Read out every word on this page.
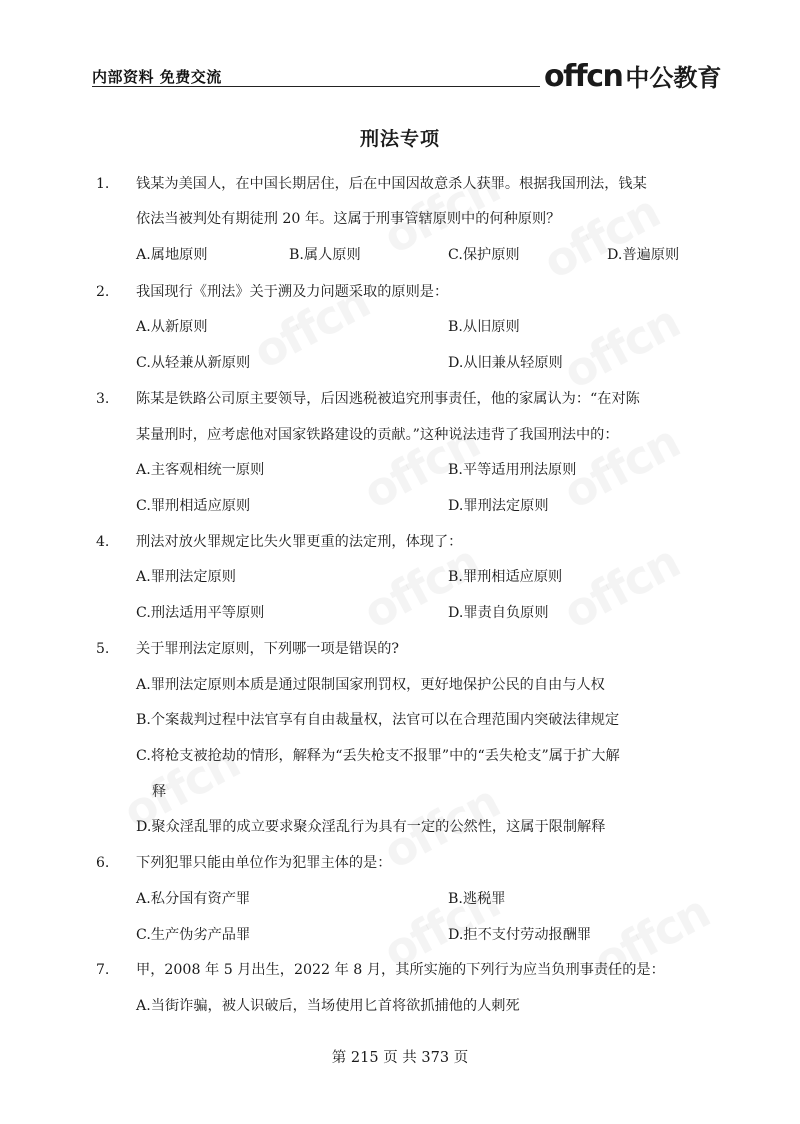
内部资料 免费交流	offcn 中公教育
刑法专项
1. 钱某为美国人，在中国长期居住，后在中国因故意杀人获罪。根据我国刑法，钱某
依法当被判处有期徒刑 20 年。这属于刑事管辖原则中的何种原则？
A.属地原则	B.属人原则	C.保护原则	D.普遍原则
2. 我国现行《刑法》关于溯及力问题采取的原则是：
A.从新原则	B.从旧原则
C.从轻兼从新原则	D.从旧兼从轻原则
3. 陈某是铁路公司原主要领导，后因逃税被追究刑事责任，他的家属认为：“在对陈
某量刑时，应考虑他对国家铁路建设的贡献。”这种说法违背了我国刑法中的：
A.主客观相统一原则	B.平等适用刑法原则
C.罪刑相适应原则	D.罪刑法定原则
4. 刑法对放火罪规定比失火罪更重的法定刑，体现了：
A.罪刑法定原则	B.罪刑相适应原则
C.刑法适用平等原则	D.罪责自负原则
5. 关于罪刑法定原则，下列哪一项是错误的?
A.罪刑法定原则本质是通过限制国家刑罚权，更好地保护公民的自由与人权
B.个案裁判过程中法官享有自由裁量权，法官可以在合理范围内突破法律规定
C.将枪支被抢劫的情形，解释为“丢失枪支不报罪”中的“丢失枪支”属于扩大解
释
D.聚众淫乱罪的成立要求聚众淫乱行为具有一定的公然性，这属于限制解释
6. 下列犯罪只能由单位作为犯罪主体的是：
A.私分国有资产罪	B.逃税罪
C.生产伪劣产品罪	D.拒不支付劳动报酬罪
7. 甲，2008 年 5 月出生，2022 年 8 月，其所实施的下列行为应当负刑事责任的是：
A.当街诈骗，被人识破后，当场使用匕首将欲抓捕他的人刺死
第 215 页 共 373 页
